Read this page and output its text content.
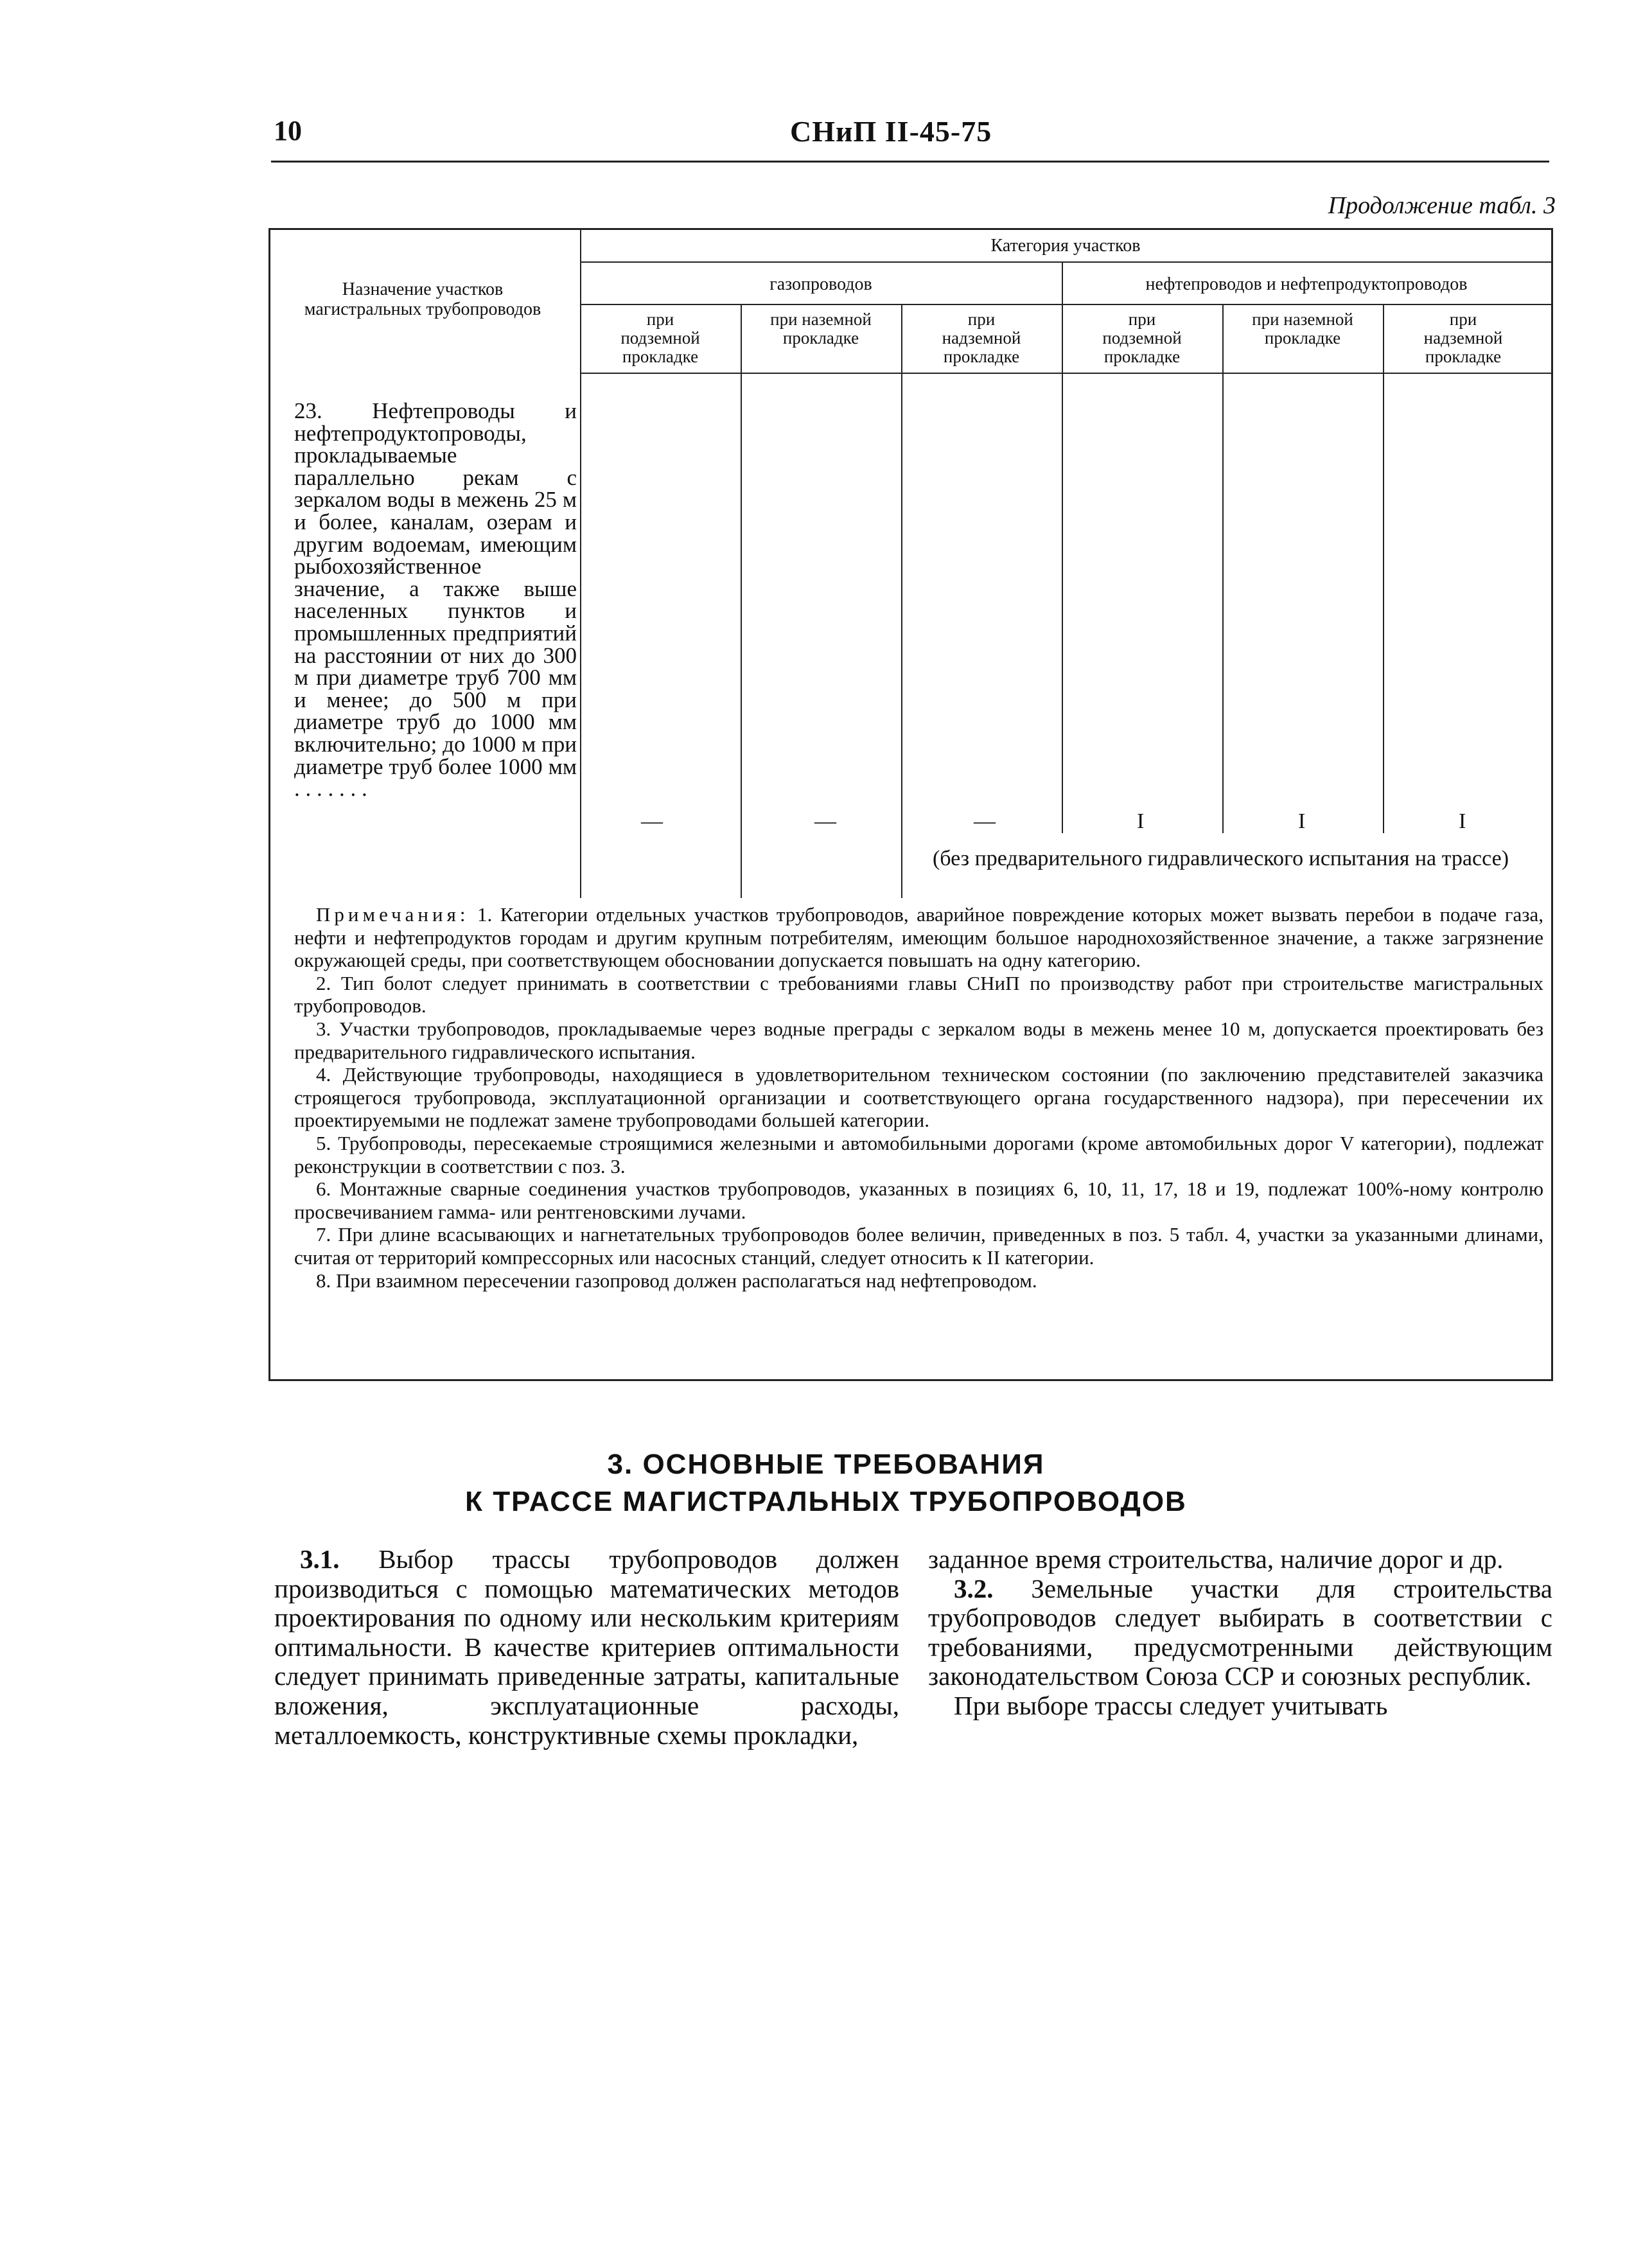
10	СНиП II-45-75
Продолжение табл. 3
Назначение участков магистральных трубопроводов
Категория участков
газопроводов	нефтепроводов и нефтепродуктопроводов
при подземной прокладке
при наземной прокладке
при надземной прокладке
при подземной прокладке
при наземной прокладке
при надземной прокладке
23. Нефтепроводы и нефтепродуктопроводы, прокладываемые параллельно рекам с зеркалом воды в межень 25 м и более, каналам, озерам и другим водоемам, имеющим рыбохозяйственное значение, а также выше населенных пунктов и промышленных предприятий на расстоянии от них до 300 м при диаметре труб 700 мм и менее; до 500 м при диаметре труб до 1000 мм включительно; до 1000 м при диаметре труб более 1000 мм . . . . . . .
—	—	—	I	I	I
(без предварительного гидравлического испытания на трассе)

Примечания: 1. Категории отдельных участков трубопроводов, аварийное повреждение которых может вызвать перебои в подаче газа, нефти и нефтепродуктов городам и другим крупным потребителям, имеющим большое народнохозяйственное значение, а также загрязнение окружающей среды, при соответствующем обосновании допускается повышать на одну категорию.

2. Тип болот следует принимать в соответствии с требованиями главы СНиП по производству работ при строительстве магистральных трубопроводов.

3. Участки трубопроводов, прокладываемые через водные преграды с зеркалом воды в межень менее 10 м, допускается проектировать без предварительного гидравлического испытания.

4. Действующие трубопроводы, находящиеся в удовлетворительном техническом состоянии (по заключению представителей заказчика строящегося трубопровода, эксплуатационной организации и соответствующего органа государственного надзора), при пересечении их проектируемыми не подлежат замене трубопроводами большей категории.

5. Трубопроводы, пересекаемые строящимися железными и автомобильными дорогами (кроме автомобильных дорог V категории), подлежат реконструкции в соответствии с поз. 3.

6. Монтажные сварные соединения участков трубопроводов, указанных в позициях 6, 10, 11, 17, 18 и 19, подлежат 100%-ному контролю просвечиванием гамма- или рентгеновскими лучами.

7. При длине всасывающих и нагнетательных трубопроводов более величин, приведенных в поз. 5 табл. 4, участки за указанными длинами, считая от территорий компрессорных или насосных станций, следует относить к II категории.

8. При взаимном пересечении газопровод должен располагаться над нефтепроводом.

3. ОСНОВНЫЕ ТРЕБОВАНИЯ
К ТРАССЕ МАГИСТРАЛЬНЫХ ТРУБОПРОВОДОВ

3.1. Выбор трассы трубопроводов должен производиться с помощью математических методов проектирования по одному или нескольким критериям оптимальности. В качестве критериев оптимальности следует принимать приведенные затраты, капитальные вложения, эксплуатационные расходы, металлоемкость, конструктивные схемы прокладки,

заданное время строительства, наличие дорог и др.

3.2. Земельные участки для строительства трубопроводов следует выбирать в соответствии с требованиями, предусмотренными действующим законодательством Союза ССР и союзных республик.

При выборе трассы следует учитывать
